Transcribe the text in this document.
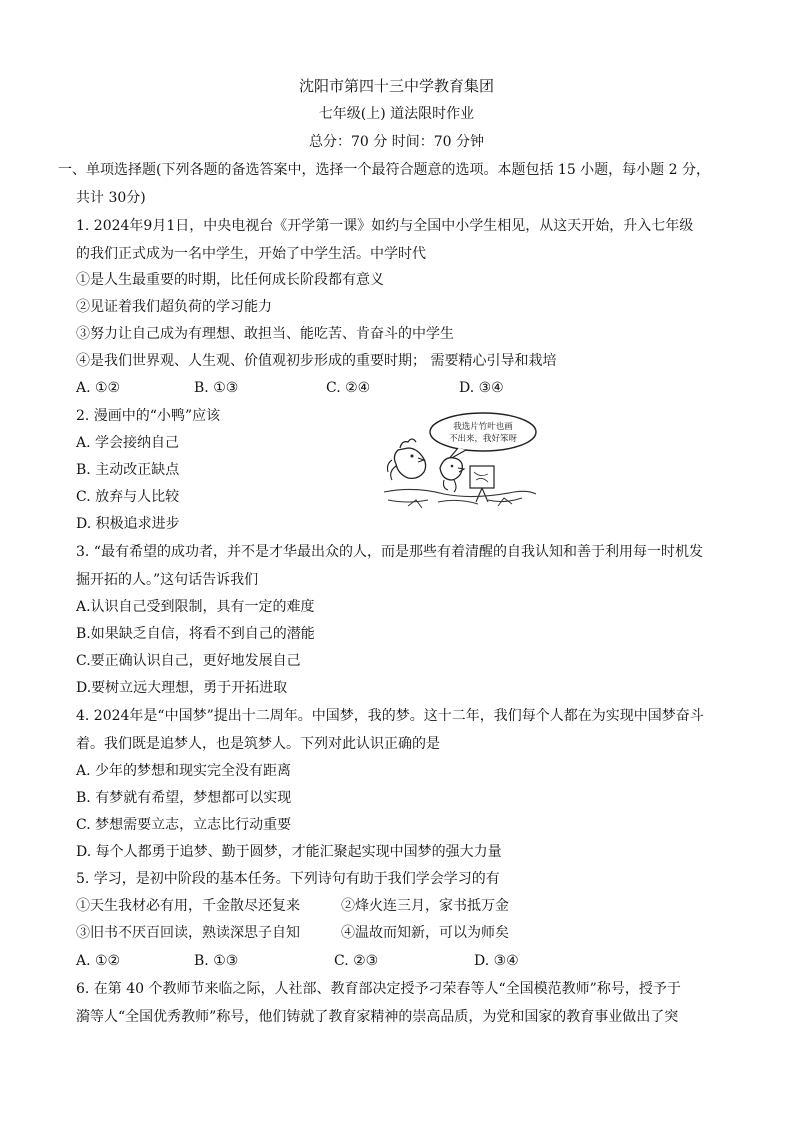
沈阳市第四十三中学教育集团
七年级(上) 道法限时作业
总分：70 分 时间：70 分钟
一、单项选择题(下列各题的备选答案中，选择一个最符合题意的选项。本题包括 15 小题，每小题 2 分，
共计 30分)
1. 2024年9月1日，中央电视台《开学第一课》如约与全国中小学生相见，从这天开始，升入七年级
的我们正式成为一名中学生，开始了中学生活。中学时代
①是人生最重要的时期，比任何成长阶段都有意义
②见证着我们超负荷的学习能力
③努力让自己成为有理想、敢担当、能吃苦、肯奋斗的中学生
④是我们世界观、人生观、价值观初步形成的重要时期； 需要精心引导和栽培
A. ①②	B. ①③	C. ②④	D. ③④
2. 漫画中的“小鸭”应该
A. 学会接纳自己
B. 主动改正缺点
C. 放弃与人比较
D. 积极追求进步
我选片竹叶也画
不出来，我好笨呀
3. “最有希望的成功者，并不是才华最出众的人，而是那些有着清醒的自我认知和善于利用每一时机发
掘开拓的人。”这句话告诉我们
A.认识自己受到限制，具有一定的难度
B.如果缺乏自信，将看不到自己的潜能
C.要正确认识自己，更好地发展自己
D.要树立远大理想，勇于开拓进取
4. 2024年是“中国梦”提出十二周年。中国梦，我的梦。这十二年，我们每个人都在为实现中国梦奋斗
着。我们既是追梦人，也是筑梦人。下列对此认识正确的是
A. 少年的梦想和现实完全没有距离
B. 有梦就有希望，梦想都可以实现
C. 梦想需要立志，立志比行动重要
D. 每个人都勇于追梦、勤于圆梦，才能汇聚起实现中国梦的强大力量
5. 学习，是初中阶段的基本任务。下列诗句有助于我们学会学习的有
①天生我材必有用，千金散尽还复来	②烽火连三月，家书抵万金
③旧书不厌百回读，熟读深思子自知	④温故而知新，可以为师矣
A. ①②	B. ①③	C. ②③	D. ③④
6. 在第 40 个教师节来临之际，人社部、教育部决定授予刁荣春等人“全国模范教师”称号，授予于
漪等人“全国优秀教师”称号，他们铸就了教育家精神的崇高品质，为党和国家的教育事业做出了突
